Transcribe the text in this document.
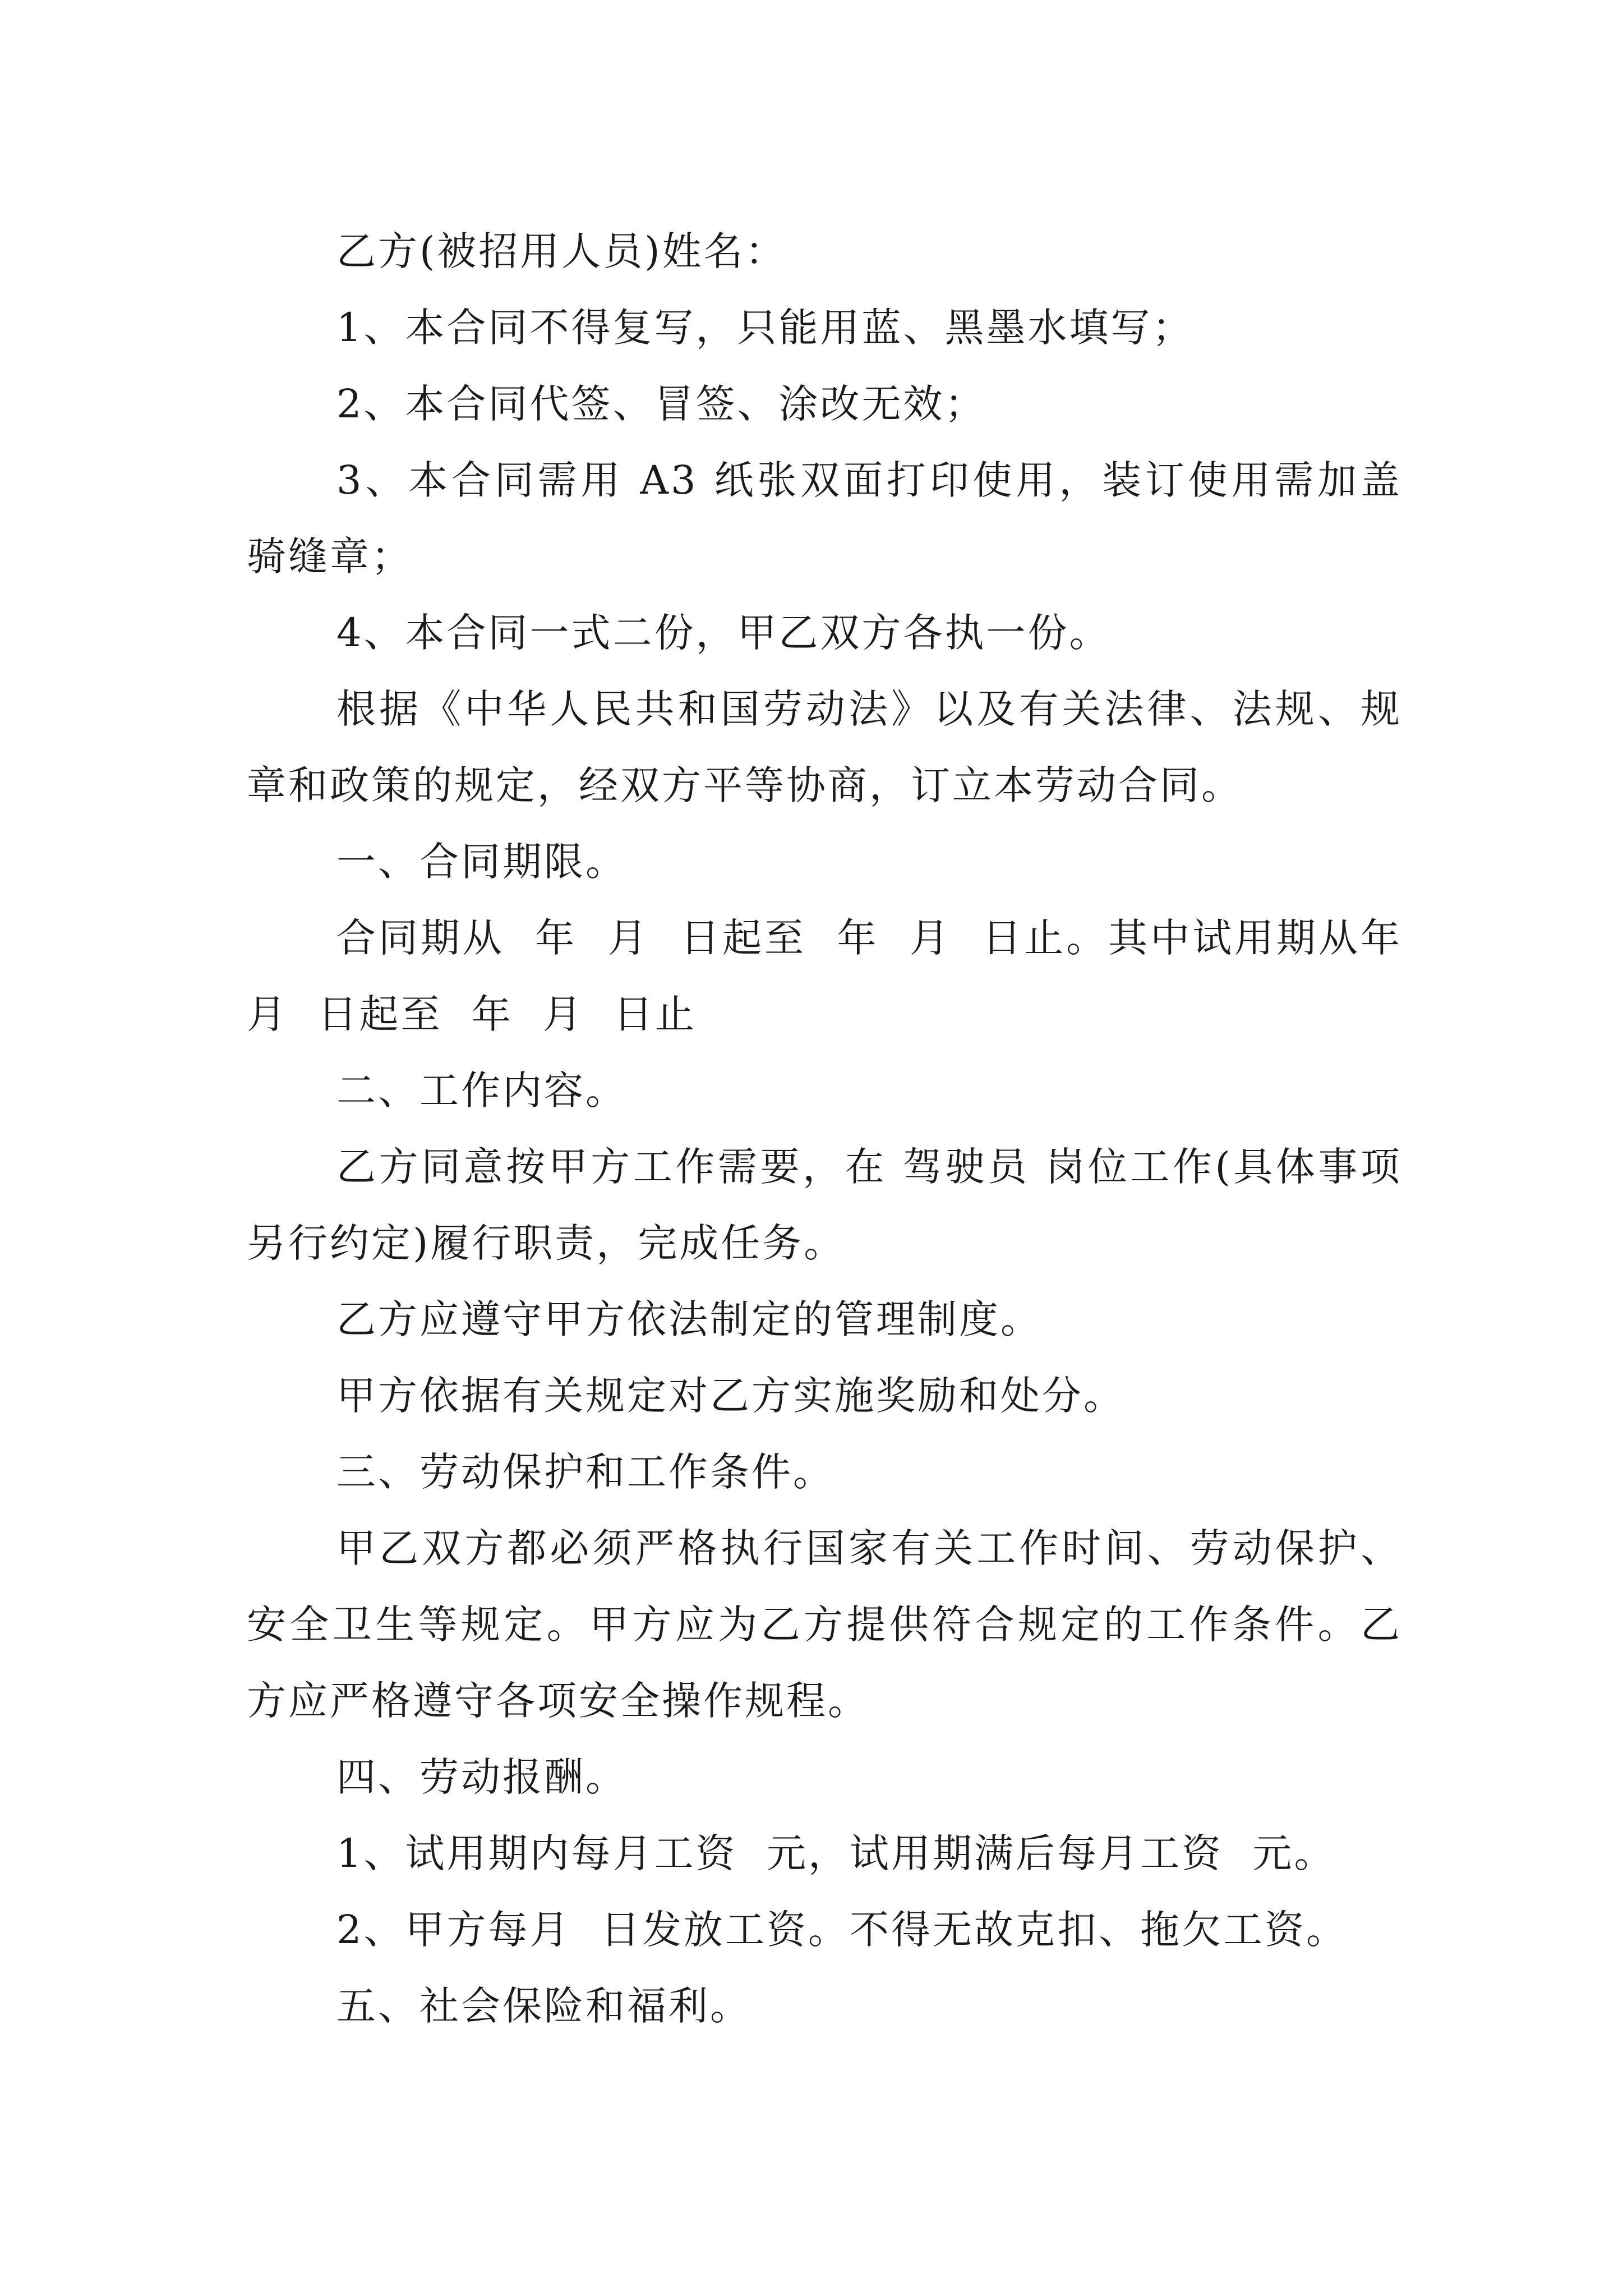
乙方(被招用人员)姓名：

1、本合同不得复写，只能用蓝、黑墨水填写；

2、本合同代签、冒签、涂改无效；

3、本合同需用 A3 纸张双面打印使用，装订使用需加盖骑缝章；

4、本合同一式二份，甲乙双方各执一份。

根据《中华人民共和国劳动法》以及有关法律、法规、规章和政策的规定，经双方平等协商，订立本劳动合同。

一、合同期限。

合同期从  年  月  日起至  年  月  日止。其中试用期从年  月  日起至  年  月  日止

二、工作内容。

乙方同意按甲方工作需要，在 驾驶员 岗位工作(具体事项另行约定)履行职责，完成任务。

乙方应遵守甲方依法制定的管理制度。

甲方依据有关规定对乙方实施奖励和处分。

三、劳动保护和工作条件。

甲乙双方都必须严格执行国家有关工作时间、劳动保护、安全卫生等规定。甲方应为乙方提供符合规定的工作条件。乙方应严格遵守各项安全操作规程。

四、劳动报酬。

1、试用期内每月工资  元，试用期满后每月工资  元。

2、甲方每月  日发放工资。不得无故克扣、拖欠工资。

五、社会保险和福利。
